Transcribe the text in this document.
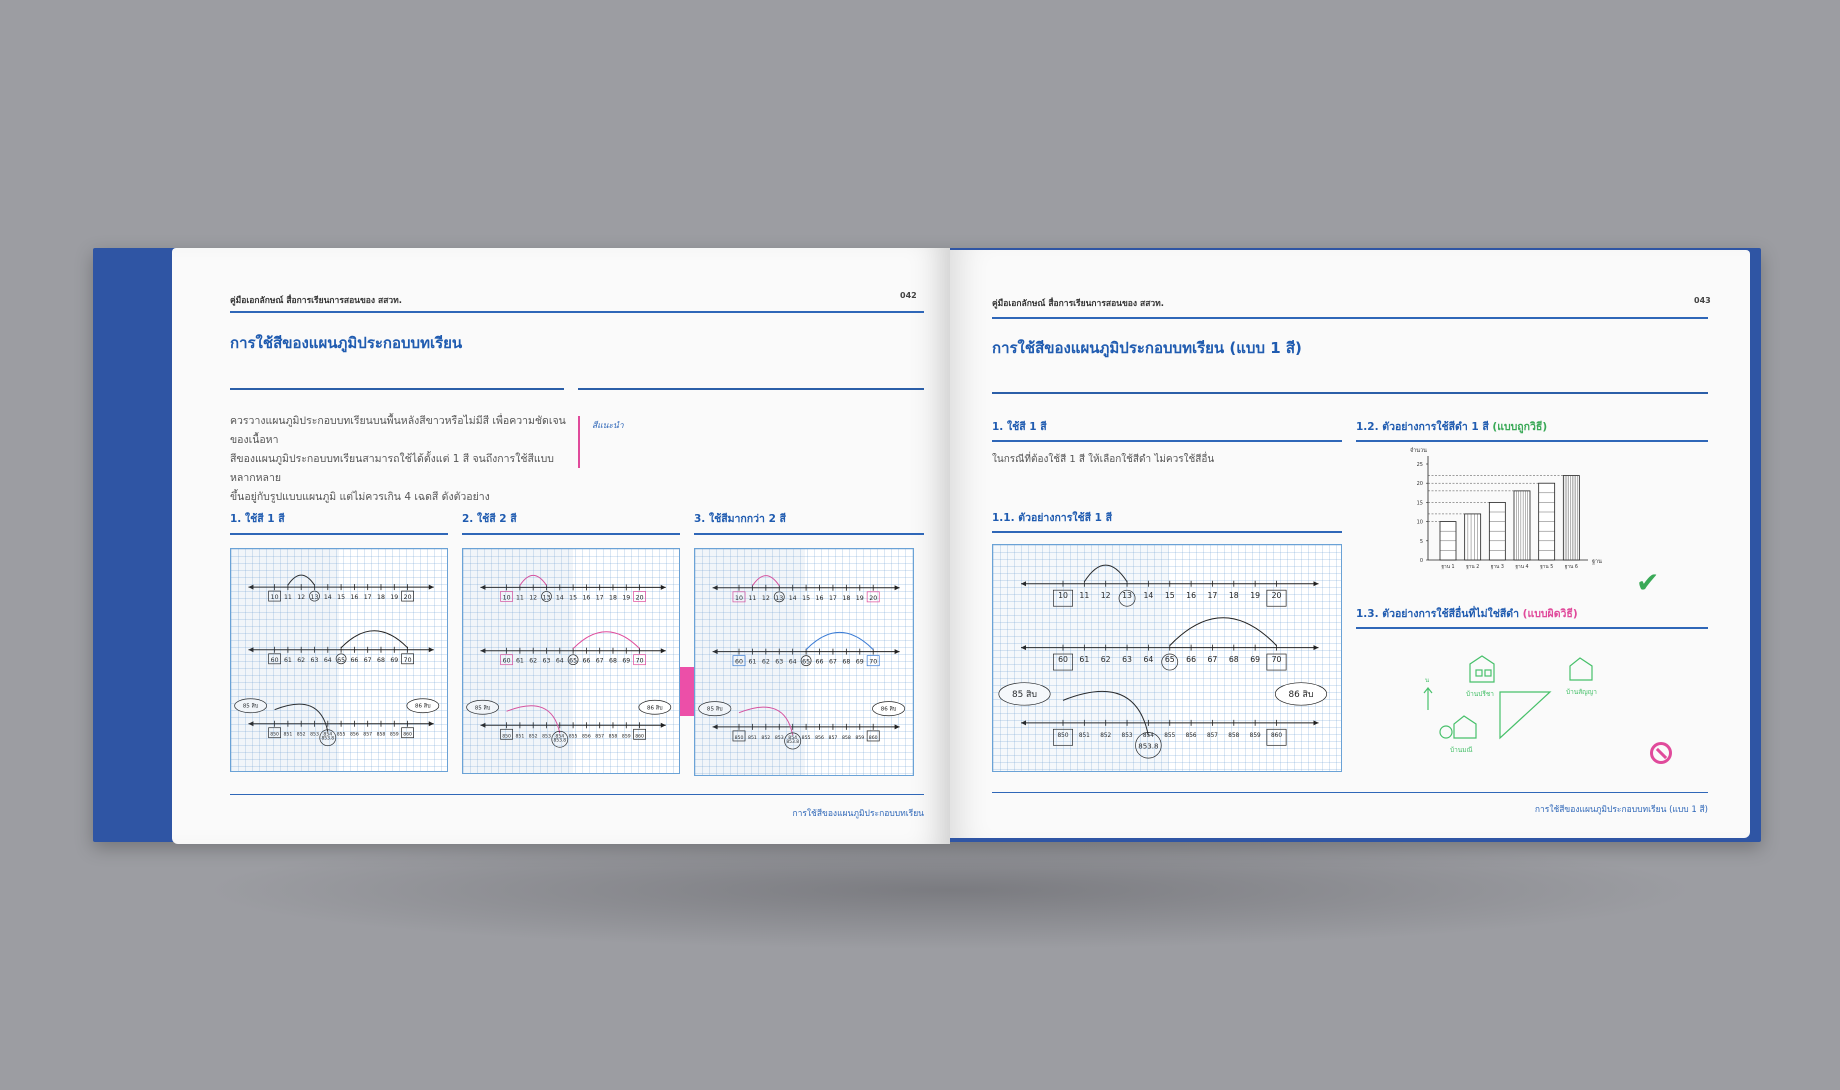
คู่มือเอกลักษณ์ สื่อการเรียนการสอนของ สสวท.
042
การใช้สีของแผนภูมิประกอบบทเรียน
ควรวางแผนภูมิประกอบบทเรียนบนพื้นหลังสีขาวหรือไม่มีสี เพื่อความชัดเจนของเนื้อหา
สีของแผนภูมิประกอบบทเรียนสามารถใช้ได้ตั้งแต่ 1 สี จนถึงการใช้สีแบบหลากหลาย
ขึ้นอยู่กับรูปแบบแผนภูมิ แต่ไม่ควรเกิน 4 เฉดสี ดังตัวอย่าง
สีแนะนำ
1. ใช้สี 1 สี	2. ใช้สี 2 สี	3. ใช้สีมากกว่า 2 สี
10 11 12 13 14 15 16 17 18 19 20
60 61 62 63 64 65 66 67 68 69 70
850 851 852 853 854 855 856 857 858 859 860
853.8
85 สิบ	86 สิบ
10 11 12 13 14 15 16 17 18 19 20
60 61 62 63 64 65 66 67 68 69 70
850 851 852 853 854 855 856 857 858 859 860
853.8
85 สิบ	86 สิบ
10 11 12 13 14 15 16 17 18 19 20
60 61 62 63 64 65 66 67 68 69 70
850 851 852 853 854 855 856 857 858 859 860
853.8
85 สิบ	86 สิบ
การใช้สีของแผนภูมิประกอบบทเรียน
คู่มือเอกลักษณ์ สื่อการเรียนการสอนของ สสวท.	043
การใช้สีของแผนภูมิประกอบบทเรียน (แบบ 1 สี)
1. ใช้สี 1 สี
ในกรณีที่ต้องใช้สี 1 สี ให้เลือกใช้สีดำ ไม่ควรใช้สีอื่น
1.1. ตัวอย่างการใช้สี 1 สี
10 11 12 13 14 15 16 17 18 19 20
60 61 62 63 64 65 66 67 68 69 70
850 851 852 853 854 855 856 857 858 859 860
853.8
85 สิบ	86 สิบ
1.2. ตัวอย่างการใช้สีดำ 1 สี (แบบถูกวิธี)
จำนวน
ฐาน
0
5
10
15
20
25
ฐาน 1 ฐาน 2 ฐาน 3 ฐาน 4 ฐาน 5 ฐาน 6 ✔
1.3. ตัวอย่างการใช้สีอื่นที่ไม่ใช่สีดำ (แบบผิดวิธี)
น
บ้านปรีชา	บ้านสัญญา
บ้านมณี
การใช้สีของแผนภูมิประกอบบทเรียน (แบบ 1 สี)
